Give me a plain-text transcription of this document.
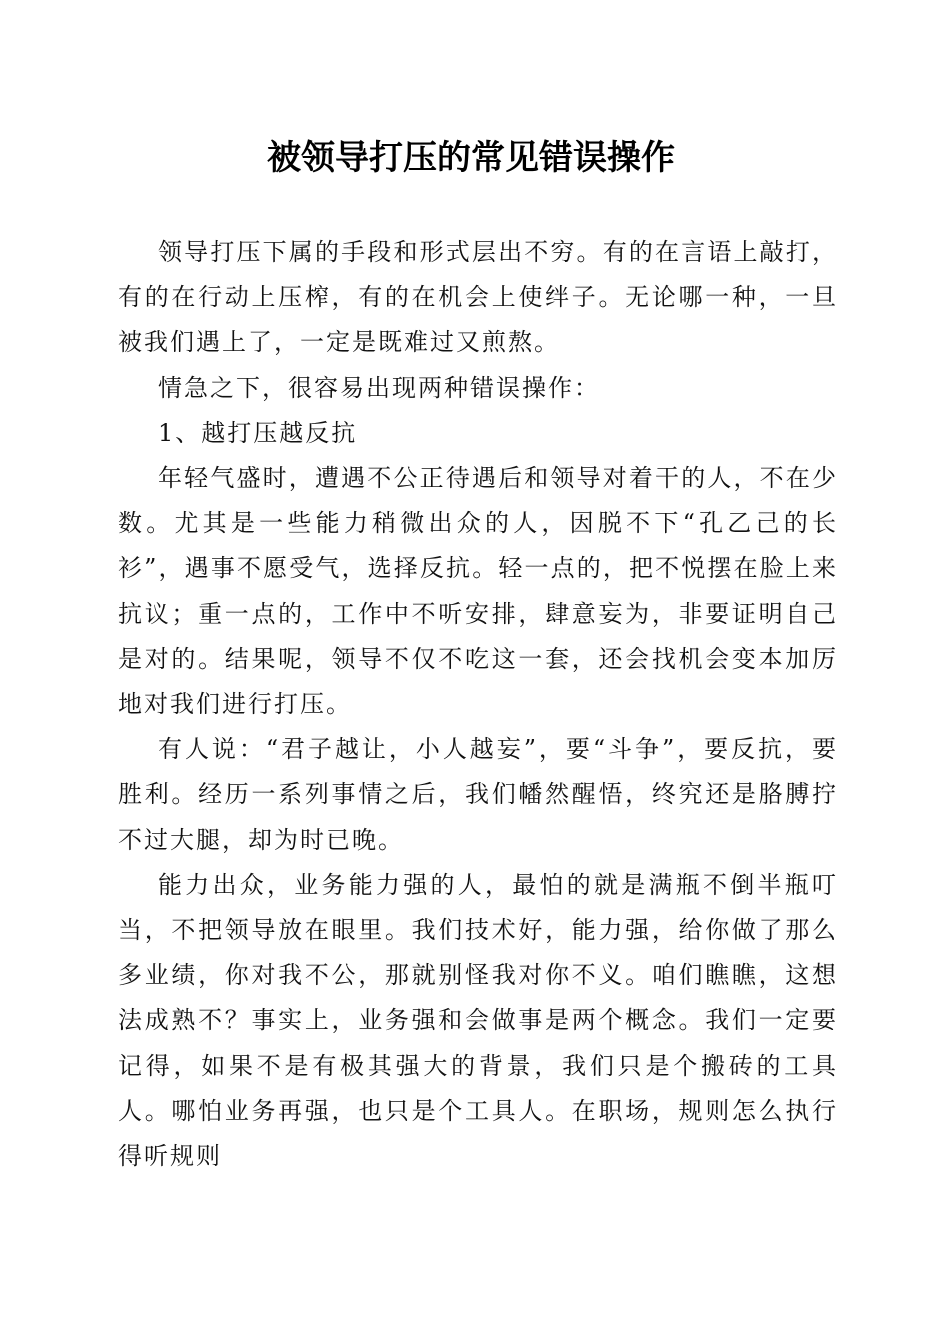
被领导打压的常见错误操作

领导打压下属的手段和形式层出不穷。有的在言语上敲打，有的在行动上压榨，有的在机会上使绊子。无论哪一种，一旦被我们遇上了，一定是既难过又煎熬。

情急之下，很容易出现两种错误操作：

1、越打压越反抗

年轻气盛时，遭遇不公正待遇后和领导对着干的人，不在少数。尤其是一些能力稍微出众的人，因脱不下“孔乙己的长衫”，遇事不愿受气，选择反抗。轻一点的，把不悦摆在脸上来抗议；重一点的，工作中不听安排，肆意妄为，非要证明自己是对的。结果呢，领导不仅不吃这一套，还会找机会变本加厉地对我们进行打压。

有人说：“君子越让，小人越妄”，要“斗争”，要反抗，要胜利。经历一系列事情之后，我们幡然醒悟，终究还是胳膊拧不过大腿，却为时已晚。

能力出众，业务能力强的人，最怕的就是满瓶不倒半瓶叮当，不把领导放在眼里。我们技术好，能力强，给你做了那么多业绩，你对我不公，那就别怪我对你不义。咱们瞧瞧，这想法成熟不？事实上，业务强和会做事是两个概念。我们一定要记得，如果不是有极其强大的背景，我们只是个搬砖的工具人。哪怕业务再强，也只是个工具人。在职场，规则怎么执行得听规则
